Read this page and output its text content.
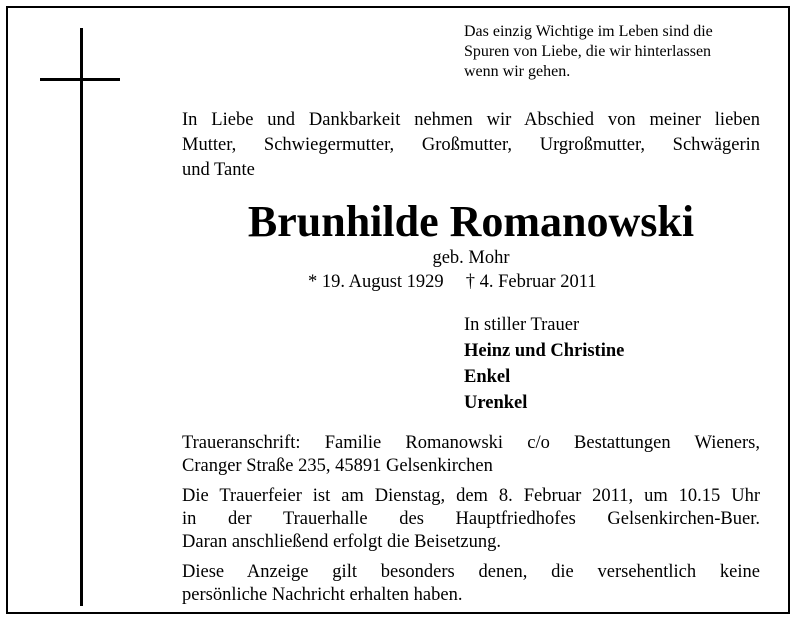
Das einzig Wichtige im Leben sind die
Spuren von Liebe, die wir hinterlassen
wenn wir gehen.
In Liebe und Dankbarkeit nehmen wir Abschied von meiner lieben
Mutter, Schwiegermutter, Großmutter, Urgroßmutter, Schwägerin
und Tante
Brunhilde Romanowski
geb. Mohr
* 19. August 1929 † 4. Februar 2011
In stiller Trauer
Heinz und Christine
Enkel
Urenkel

Traueranschrift: Familie Romanowski c/o Bestattungen Wieners,
Cranger Straße 235, 45891 Gelsenkirchen

Die Trauerfeier ist am Dienstag, dem 8. Februar 2011, um 10.15 Uhr
in der Trauerhalle des Hauptfriedhofes Gelsenkirchen-Buer.
Daran anschließend erfolgt die Beisetzung.

Diese Anzeige gilt besonders denen, die versehentlich keine
persönliche Nachricht erhalten haben.
